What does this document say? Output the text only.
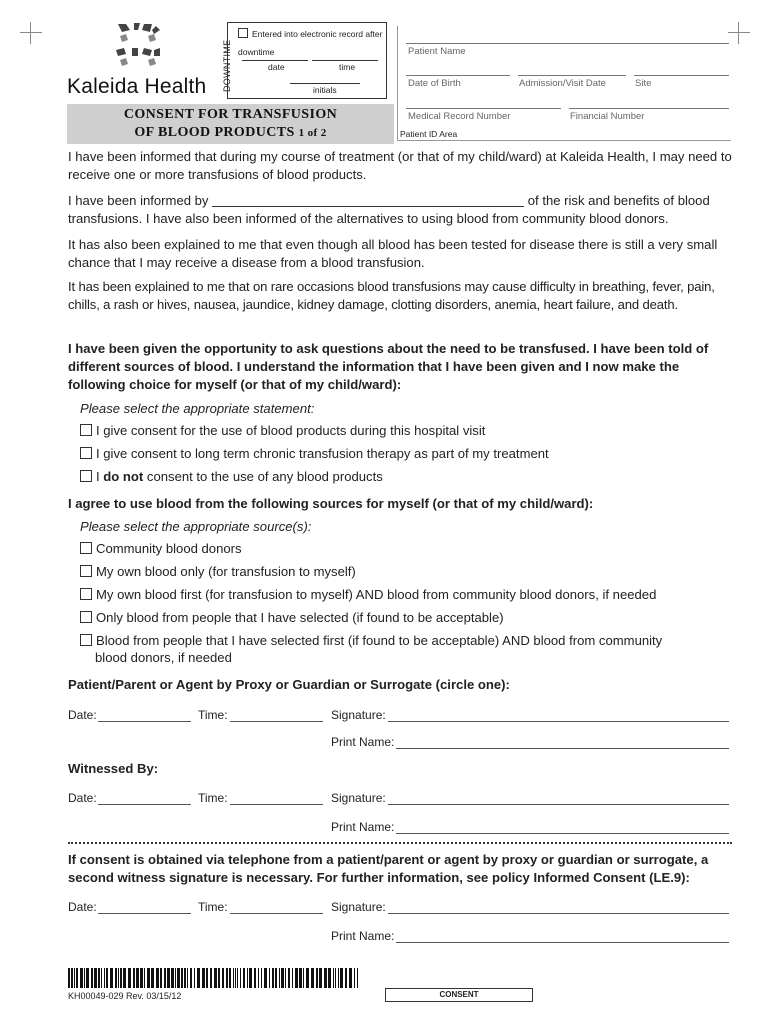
Kaleida Health DOWNTIME
Entered into electronic record after downtime
date	time
initials
CONSENT FOR TRANSFUSION
OF BLOOD PRODUCTS 1 of 2
Patient Name
Date of Birth	Admission/Visit Date	Site
Medical Record Number	Financial Number
Patient ID Area
I have been informed that during my course of treatment (or that of my child/ward) at Kaleida Health, I may need to receive one or more transfusions of blood products.
I have been informed by	of the risk and benefits of blood
transfusions. I have also been informed of the alternatives to using blood from community blood donors.
It has also been explained to me that even though all blood has been tested for disease there is still a very small chance that I may receive a disease from a blood transfusion.
It has been explained to me that on rare occasions blood transfusions may cause difficulty in breathing, fever, pain, chills, a rash or hives, nausea, jaundice, kidney damage, clotting disorders, anemia, heart failure, and death.
I have been given the opportunity to ask questions about the need to be transfused. I have been told of different sources of blood. I understand the information that I have been given and I now make the following choice for myself (or that of my child/ward):
Please select the appropriate statement:
I give consent for the use of blood products during this hospital visit
I give consent to long term chronic transfusion therapy as part of my treatment
I do not consent to the use of any blood products
I agree to use blood from the following sources for myself (or that of my child/ward):
Please select the appropriate source(s):
Community blood donors
My own blood only (for transfusion to myself)
My own blood first (for transfusion to myself) AND blood from community blood donors, if needed
Only blood from people that I have selected (if found to be acceptable)
Blood from people that I have selected first (if found to be acceptable) AND blood from community
blood donors, if needed
Patient/Parent or Agent by Proxy or Guardian or Surrogate (circle one):
Date:	Time:	Signature:
Print Name:
Witnessed By:
Date:	Time:	Signature:
Print Name:
If consent is obtained via telephone from a patient/parent or agent by proxy or guardian or surrogate, a second witness signature is necessary. For further information, see policy Informed Consent (LE.9):
Date:	Time:	Signature:
Print Name:
KH00049-029 Rev. 03/15/12	CONSENT
